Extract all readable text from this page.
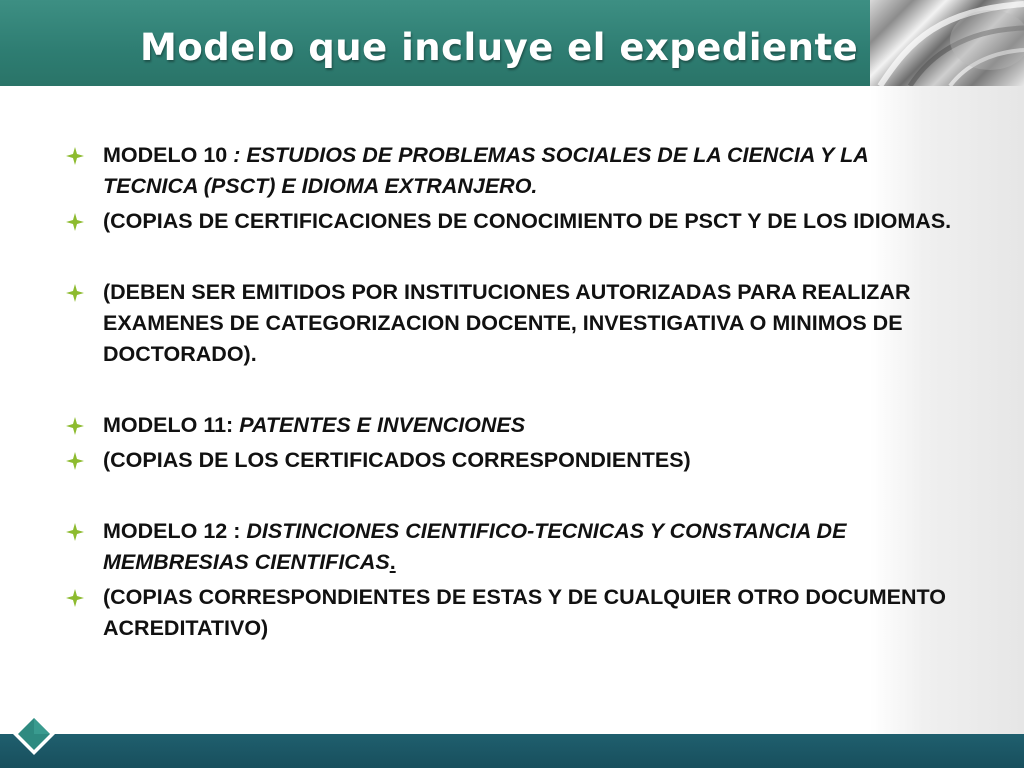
Modelo que incluye el expediente

MODELO 10 : ESTUDIOS DE PROBLEMAS SOCIALES DE LA CIENCIA Y LA TECNICA (PSCT) E IDIOMA EXTRANJERO.

(COPIAS DE CERTIFICACIONES DE CONOCIMIENTO DE PSCT Y DE LOS IDIOMAS.

(DEBEN SER EMITIDOS POR INSTITUCIONES AUTORIZADAS PARA REALIZAR EXAMENES DE CATEGORIZACION DOCENTE, INVESTIGATIVA O MINIMOS DE DOCTORADO).

MODELO 11: PATENTES E INVENCIONES

(COPIAS DE LOS CERTIFICADOS CORRESPONDIENTES)

MODELO 12 : DISTINCIONES CIENTIFICO-TECNICAS Y CONSTANCIA DE MEMBRESIAS CIENTIFICAS.

(COPIAS CORRESPONDIENTES DE ESTAS Y DE CUALQUIER OTRO DOCUMENTO ACREDITATIVO)
